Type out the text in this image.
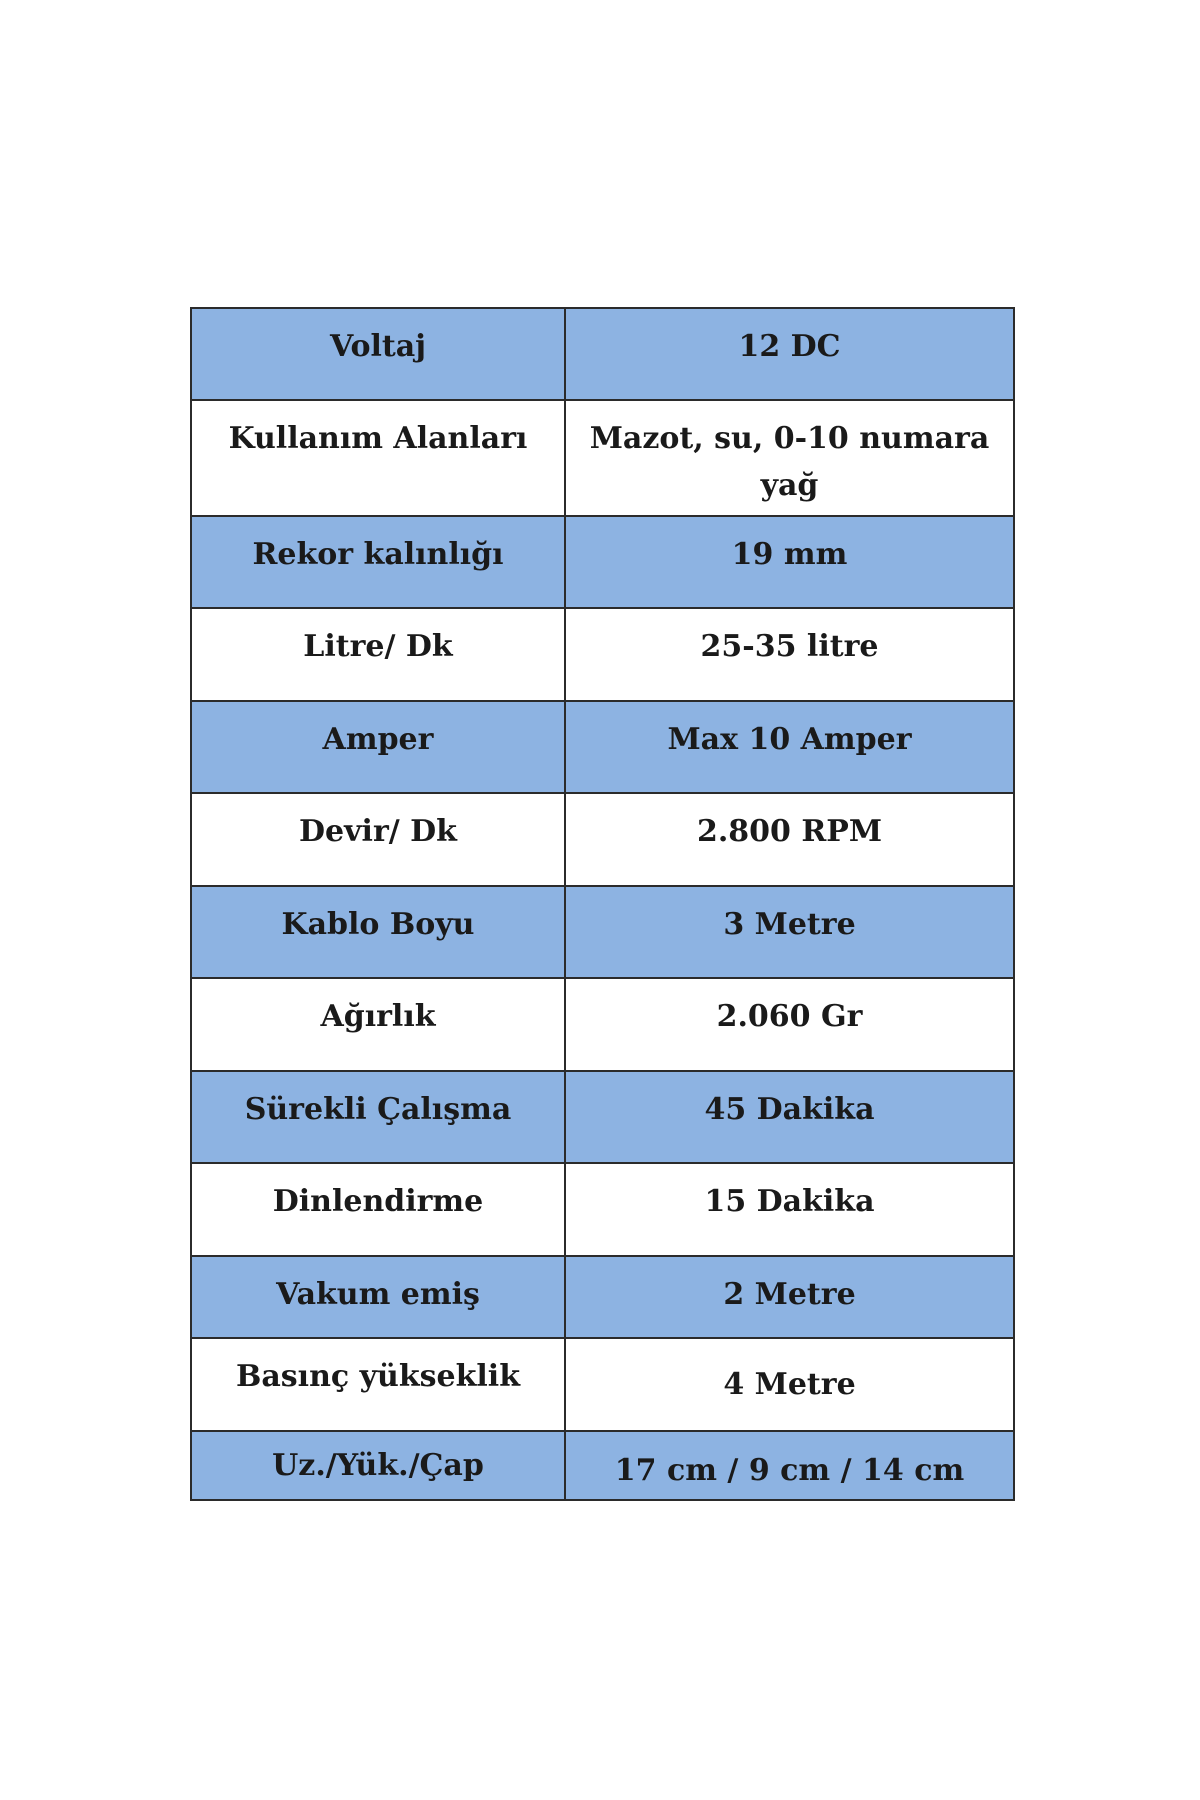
Voltaj	12 DC
Kullanım Alanları	Mazot, su, 0-10 numara yağ
Rekor kalınlığı	19 mm
Litre/ Dk	25-35 litre
Amper	Max 10 Amper
Devir/ Dk	2.800 RPM
Kablo Boyu	3 Metre
Ağırlık	2.060 Gr
Sürekli Çalışma	45 Dakika
Dinlendirme	15 Dakika
Vakum emiş	2 Metre
Basınç yükseklik	4 Metre
Uz./Yük./Çap	17 cm / 9 cm / 14 cm
